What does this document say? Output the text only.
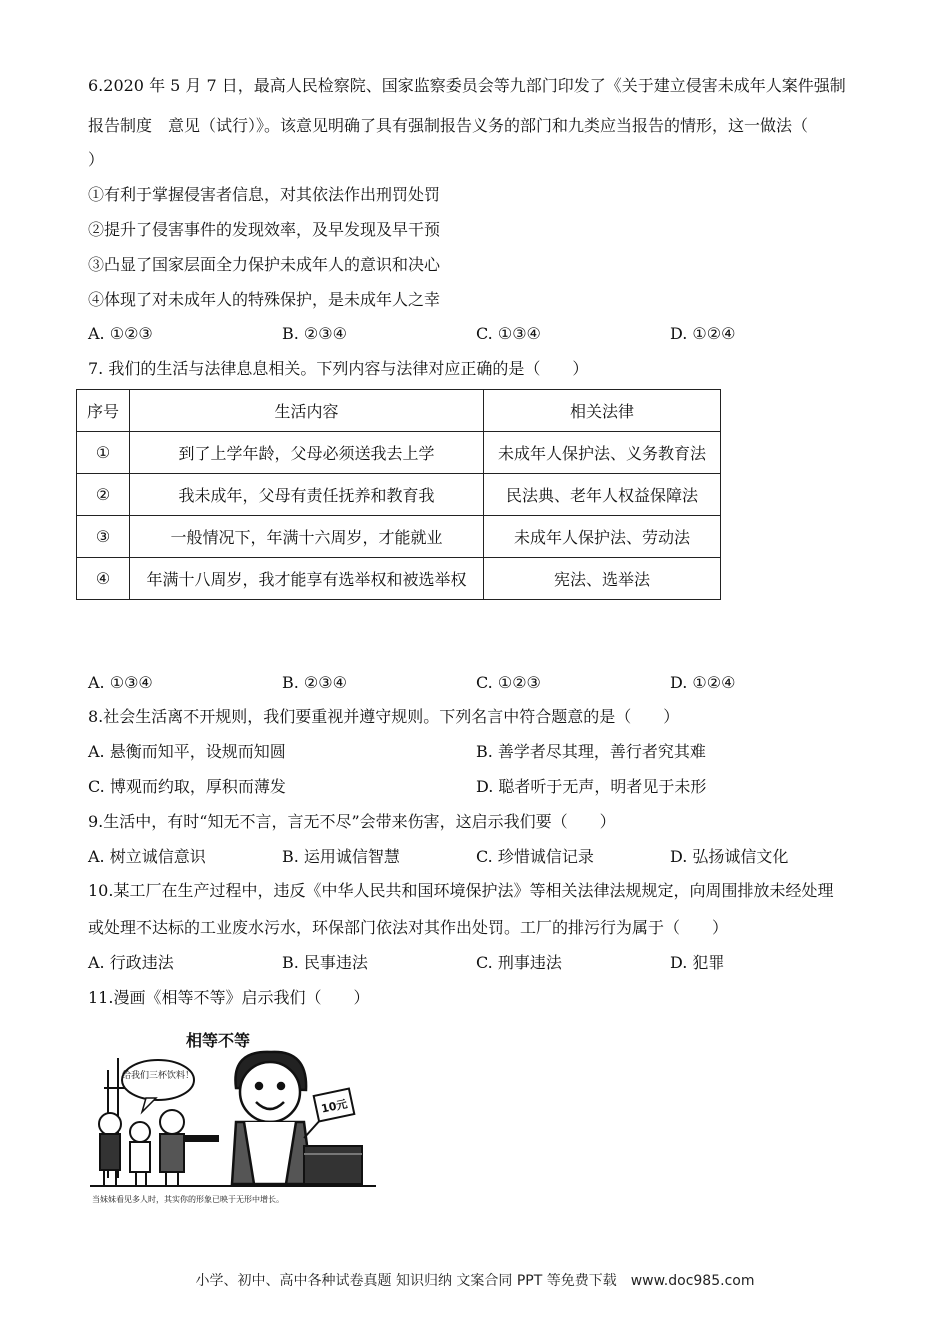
6.2020 年 5 月 7 日，最高人民检察院、国家监察委员会等九部门印发了《关于建立侵害未成年人案件强制
报告制度　意见（试行）》。该意见明确了具有强制报告义务的部门和九类应当报告的情形，这一做法（
）
①有利于掌握侵害者信息，对其依法作出刑罚处罚
②提升了侵害事件的发现效率，及早发现及早干预
③凸显了国家层面全力保护未成年人的意识和决心
④体现了对未成年人的特殊保护，是未成年人之幸
A. ①②③	B. ②③④	C. ①③④	D. ①②④
7. 我们的生活与法律息息相关。下列内容与法律对应正确的是（　　）
序号	生活内容	相关法律
①	到了上学年龄，父母必须送我去上学	未成年人保护法、义务教育法
②	我未成年，父母有责任抚养和教育我	民法典、老年人权益保障法
③	一般情况下，年满十六周岁，才能就业	未成年人保护法、劳动法
④	年满十八周岁，我才能享有选举权和被选举权	宪法、选举法
A. ①③④	B. ②③④	C. ①②③	D. ①②④
8.社会生活离不开规则，我们要重视并遵守规则。下列名言中符合题意的是（　　）
A. 悬衡而知平，设规而知圆	B. 善学者尽其理，善行者究其难
C. 博观而约取，厚积而薄发	D. 聪者听于无声，明者见于未形
9.生活中，有时“知无不言，言无不尽”会带来伤害，这启示我们要（　　）
A. 树立诚信意识	B. 运用诚信智慧	C. 珍惜诚信记录	D. 弘扬诚信文化
10.某工厂在生产过程中，违反《中华人民共和国环境保护法》等相关法律法规规定，向周围排放未经处理
或处理不达标的工业废水污水，环保部门依法对其作出处罚。工厂的排污行为属于（　　）
A. 行政违法	B. 民事违法	C. 刑事违法	D. 犯罪
11.漫画《相等不等》启示我们（　　）
相等不等
给我们三杯饮料！
10元
当妹妹看见多人时，其实你的形象已映于无形中增长。
小学、初中、高中各种试卷真题 知识归纳 文案合同 PPT 等免费下载　www.doc985.com
